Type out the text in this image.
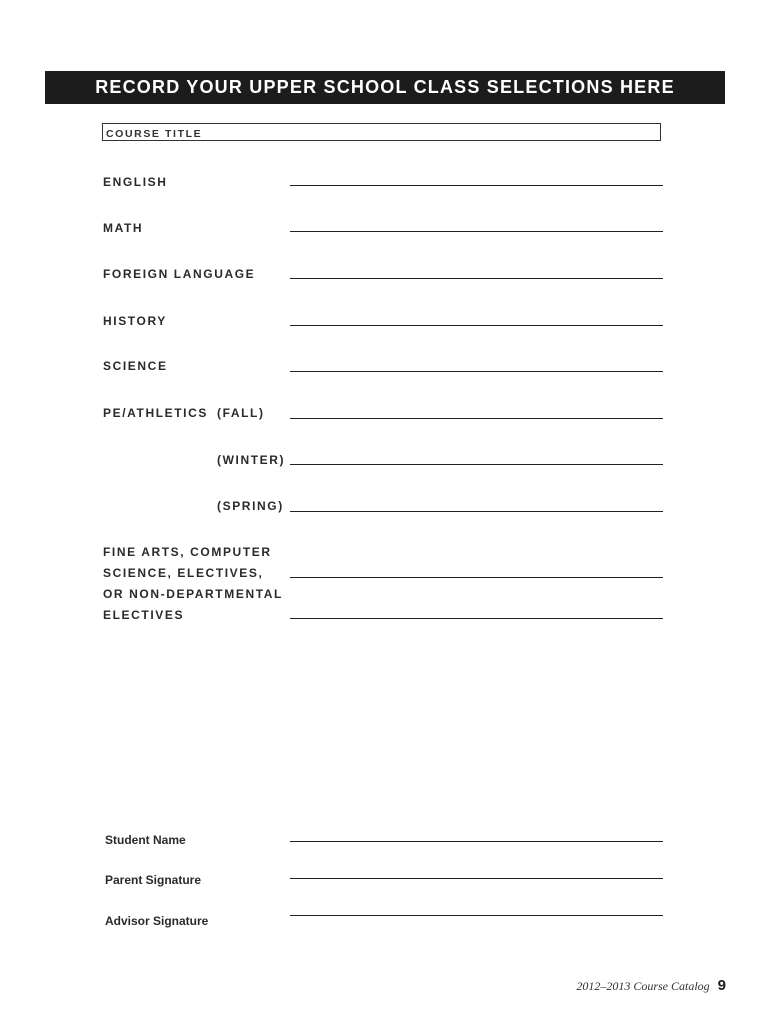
RECORD YOUR UPPER SCHOOL CLASS SELECTIONS HERE
COURSE TITLE
ENGLISH
MATH
FOREIGN LANGUAGE
HISTORY
SCIENCE
PE/ATHLETICS (FALL)
(WINTER)
(SPRING)
FINE ARTS, COMPUTER
SCIENCE, ELECTIVES,
OR NON-DEPARTMENTAL
ELECTIVES
Student Name
Parent Signature
Advisor Signature
2012–2013 Course Catalog 9
